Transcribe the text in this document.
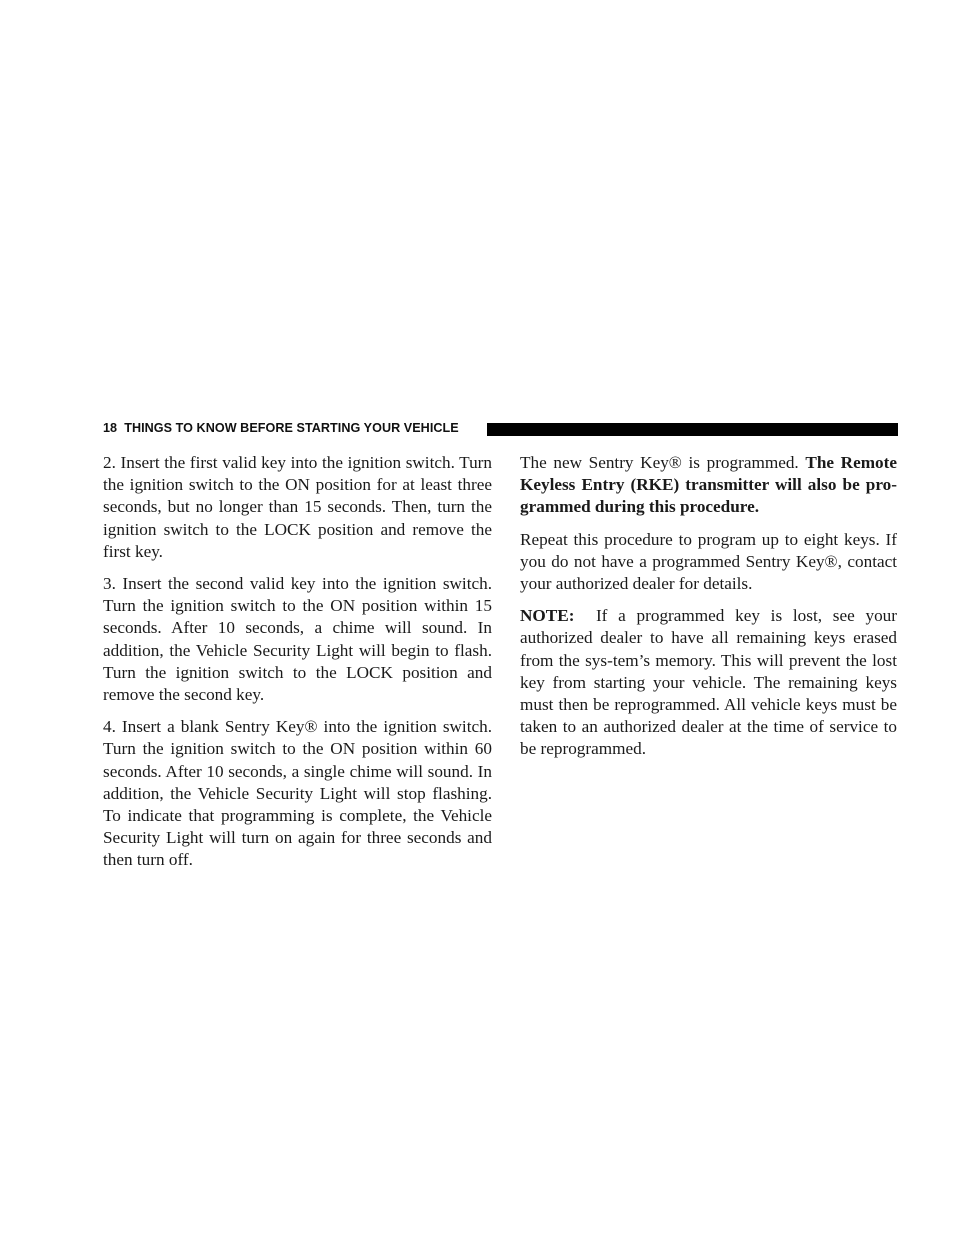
18 THINGS TO KNOW BEFORE STARTING YOUR VEHICLE

2. Insert the first valid key into the ignition switch. Turn the ignition switch to the ON position for at least three seconds, but no longer than 15 seconds. Then, turn the ignition switch to the LOCK position and remove the first key.

3. Insert the second valid key into the ignition switch. Turn the ignition switch to the ON position within 15 seconds. After 10 seconds, a chime will sound. In addition, the Vehicle Security Light will begin to flash. Turn the ignition switch to the LOCK position and remove the second key.

4. Insert a blank Sentry Key® into the ignition switch. Turn the ignition switch to the ON position within 60 seconds. After 10 seconds, a single chime will sound. In addition, the Vehicle Security Light will stop flashing. To indicate that programming is complete, the Vehicle Security Light will turn on again for three seconds and then turn off.

The new Sentry Key® is programmed. The Remote Keyless Entry (RKE) transmitter will also be pro-grammed during this procedure.

Repeat this procedure to program up to eight keys. If you do not have a programmed Sentry Key®, contact your authorized dealer for details.

NOTE: If a programmed key is lost, see your authorized dealer to have all remaining keys erased from the sys-tem’s memory. This will prevent the lost key from starting your vehicle. The remaining keys must then be reprogrammed. All vehicle keys must be taken to an authorized dealer at the time of service to be reprogrammed.
